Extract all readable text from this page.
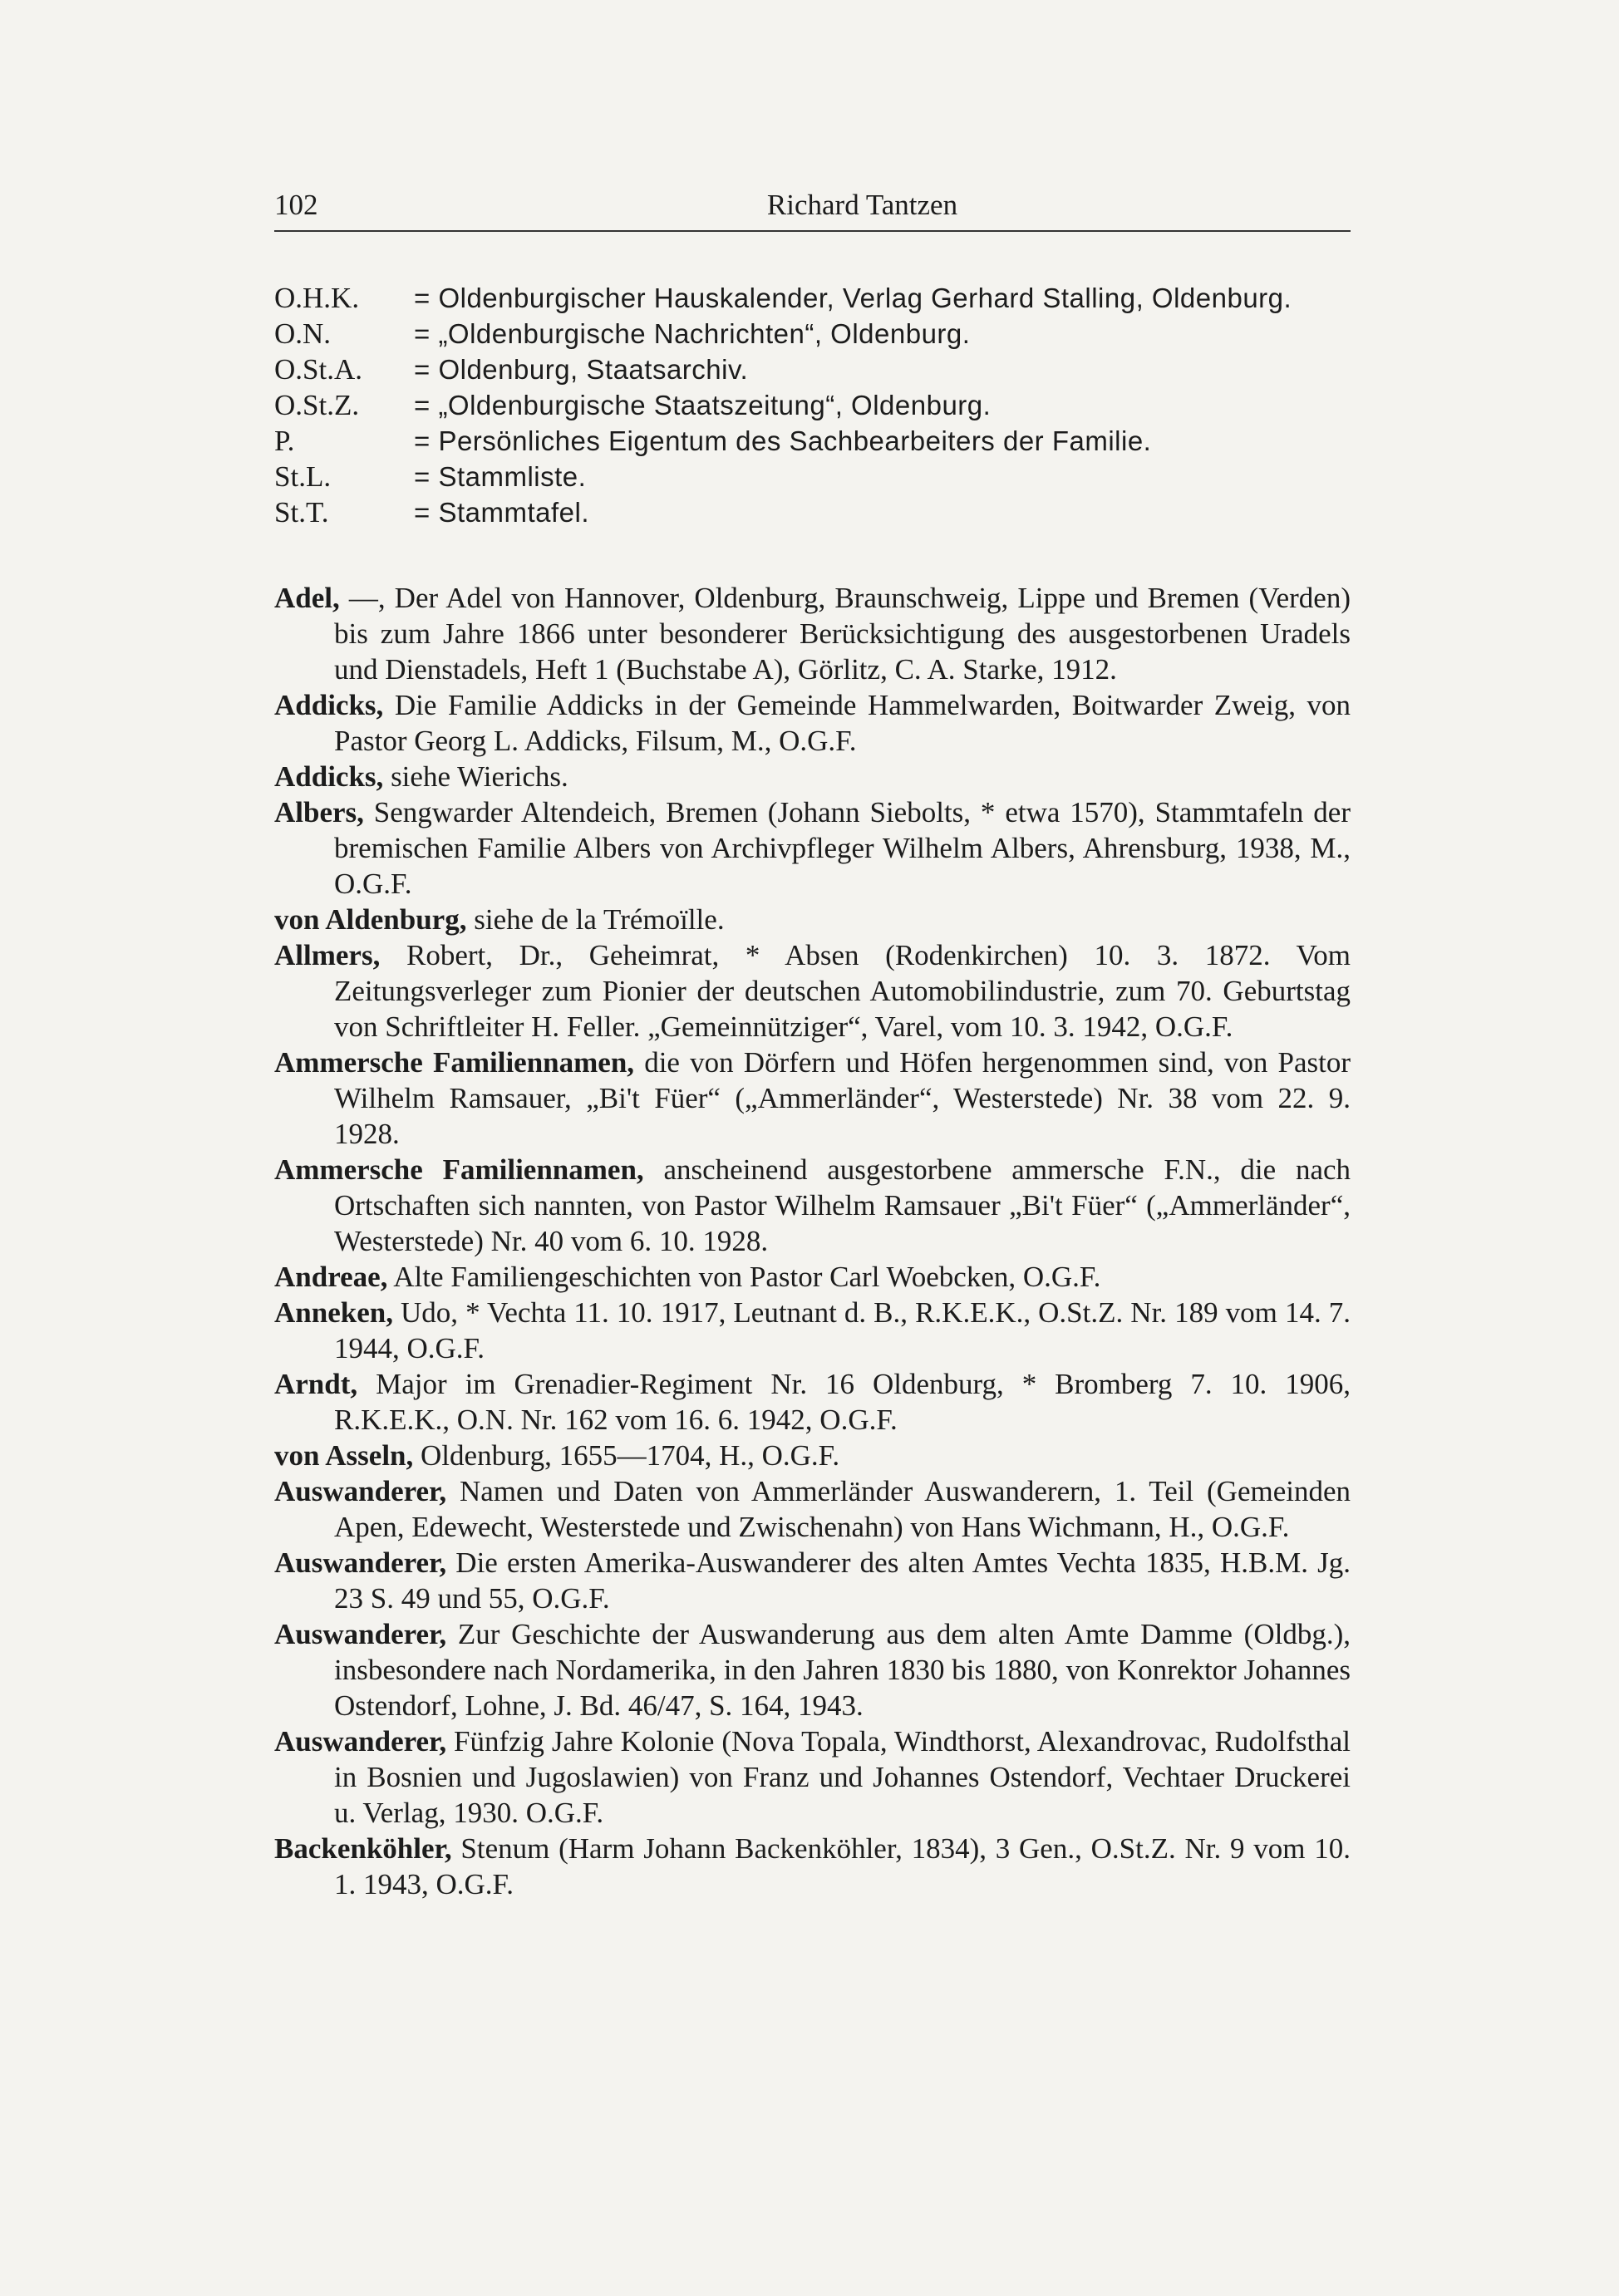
102	Richard Tantzen
O.H.K.	= Oldenburgischer Hauskalender, Verlag Gerhard Stalling, Oldenburg.
O.N.	= „Oldenburgische Nachrichten“, Oldenburg.
O.St.A.	= Oldenburg, Staatsarchiv.
O.St.Z.	= „Oldenburgische Staatszeitung“, Oldenburg.
P.	= Persönliches Eigentum des Sachbearbeiters der Familie.
St.L.	= Stammliste.
St.T.	= Stammtafel.

Adel, —, Der Adel von Hannover, Oldenburg, Braunschweig, Lippe und Bremen (Verden) bis zum Jahre 1866 unter besonderer Berücksichtigung des ausgestorbenen Uradels und Dienstadels, Heft 1 (Buchstabe A), Görlitz, C. A. Starke, 1912.

Addicks, Die Familie Addicks in der Gemeinde Hammelwarden, Boitwarder Zweig, von Pastor Georg L. Addicks, Filsum, M., O.G.F.

Addicks, siehe Wierichs.

Albers, Sengwarder Altendeich, Bremen (Johann Siebolts, * etwa 1570), Stammtafeln der bremischen Familie Albers von Archivpfleger Wilhelm Albers, Ahrensburg, 1938, M., O.G.F.

von Aldenburg, siehe de la Trémoïlle.

Allmers, Robert, Dr., Geheimrat, * Absen (Rodenkirchen) 10. 3. 1872. Vom Zeitungsverleger zum Pionier der deutschen Automobilindustrie, zum 70. Geburtstag von Schriftleiter H. Feller. „Gemeinnütziger“, Varel, vom 10. 3. 1942, O.G.F.

Ammersche Familiennamen, die von Dörfern und Höfen hergenommen sind, von Pastor Wilhelm Ramsauer, „Bi't Füer“ („Ammerländer“, Westerstede) Nr. 38 vom 22. 9. 1928.

Ammersche Familiennamen, anscheinend ausgestorbene ammersche F.N., die nach Ortschaften sich nannten, von Pastor Wilhelm Ramsauer „Bi't Füer“ („Ammerländer“, Westerstede) Nr. 40 vom 6. 10. 1928.

Andreae, Alte Familiengeschichten von Pastor Carl Woebcken, O.G.F.

Anneken, Udo, * Vechta 11. 10. 1917, Leutnant d. B., R.K.E.K., O.St.Z. Nr. 189 vom 14. 7. 1944, O.G.F.

Arndt, Major im Grenadier-Regiment Nr. 16 Oldenburg, * Bromberg 7. 10. 1906, R.K.E.K., O.N. Nr. 162 vom 16. 6. 1942, O.G.F.

von Asseln, Oldenburg, 1655—1704, H., O.G.F.

Auswanderer, Namen und Daten von Ammerländer Auswanderern, 1. Teil (Gemeinden Apen, Edewecht, Westerstede und Zwischenahn) von Hans Wichmann, H., O.G.F.

Auswanderer, Die ersten Amerika-Auswanderer des alten Amtes Vechta 1835, H.B.M. Jg. 23 S. 49 und 55, O.G.F.

Auswanderer, Zur Geschichte der Auswanderung aus dem alten Amte Damme (Oldbg.), insbesondere nach Nordamerika, in den Jahren 1830 bis 1880, von Konrektor Johannes Ostendorf, Lohne, J. Bd. 46/47, S. 164, 1943.

Auswanderer, Fünfzig Jahre Kolonie (Nova Topala, Windthorst, Alexandrovac, Rudolfsthal in Bosnien und Jugoslawien) von Franz und Johannes Ostendorf, Vechtaer Druckerei u. Verlag, 1930. O.G.F.

Backenköhler, Stenum (Harm Johann Backenköhler, 1834), 3 Gen., O.St.Z. Nr. 9 vom 10. 1. 1943, O.G.F.
